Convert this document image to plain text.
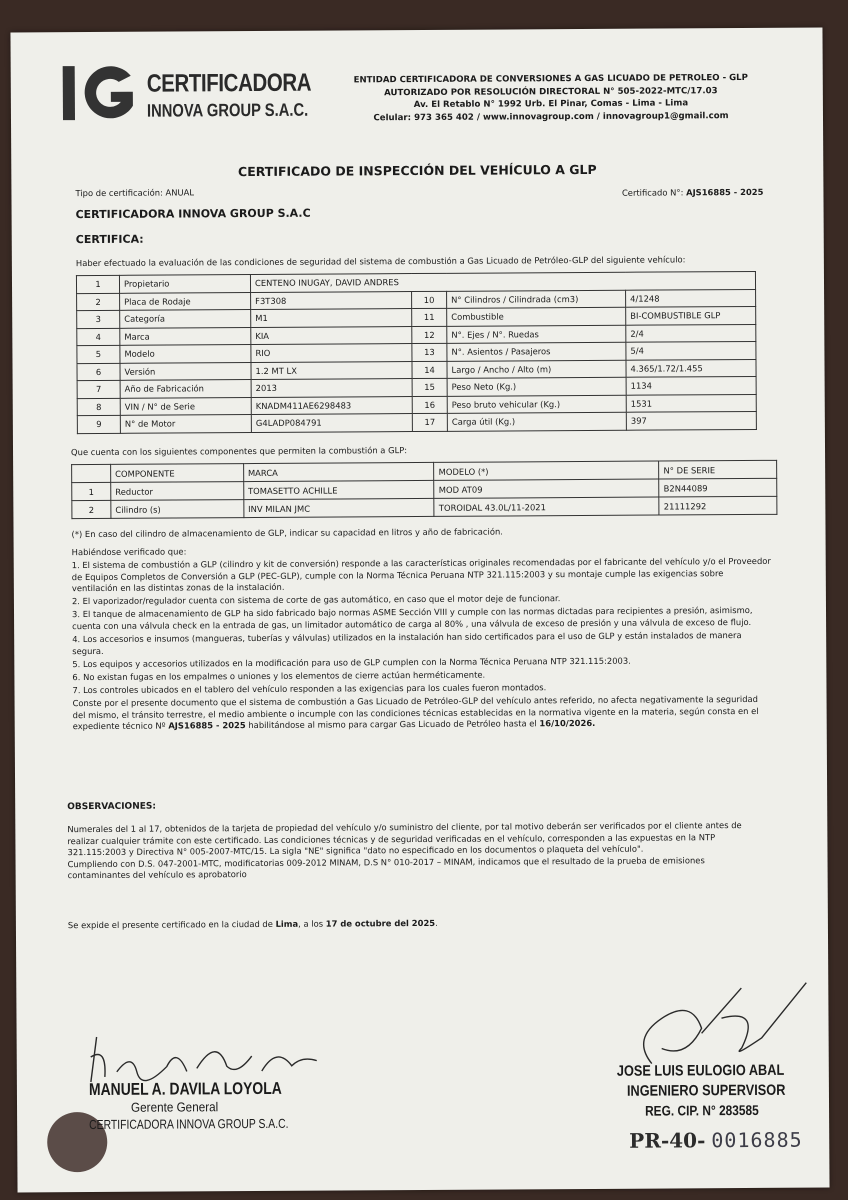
CERTIFICADORA
INNOVA GROUP S.A.C.
ENTIDAD CERTIFICADORA DE CONVERSIONES A GAS LICUADO DE PETROLEO - GLP
AUTORIZADO POR RESOLUCIÓN DIRECTORAL N° 505-2022-MTC/17.03
Av. El Retablo N° 1992 Urb. El Pinar, Comas - Lima - Lima
Celular: 973 365 402 / www.innovagroup.com / innovagroup1@gmail.com
CERTIFICADO DE INSPECCIÓN DEL VEHÍCULO A GLP
Tipo de certificación: ANUAL	Certificado N°: AJS16885 - 2025
CERTIFICADORA INNOVA GROUP S.A.C
CERTIFICA:
Haber efectuado la evaluación de las condiciones de seguridad del sistema de combustión a Gas Licuado de Petróleo-GLP del siguiente vehículo:
1	Propietario	CENTENO INUGAY, DAVID ANDRES			
2	Placa de Rodaje	F3T308	10	N° Cilindros / Cilindrada (cm3)	4/1248
3	Categoría	M1	11	Combustible	BI-COMBUSTIBLE GLP
4	Marca	KIA	12	N°. Ejes / N°. Ruedas	2/4
5	Modelo	RIO	13	N°. Asientos / Pasajeros	5/4
6	Versión	1.2 MT LX	14	Largo / Ancho / Alto (m)	4.365/1.72/1.455
7	Año de Fabricación	2013	15	Peso Neto (Kg.)	1134
8	VIN / N° de Serie	KNADM411AE6298483	16	Peso bruto vehicular (Kg.)	1531
9	N° de Motor	G4LADP084791	17	Carga útil (Kg.)	397
Que cuenta con los siguientes componentes que permiten la combustión a GLP:
	COMPONENTE	MARCA	MODELO (*)	N° DE SERIE
1	Reductor	TOMASETTO ACHILLE	MOD AT09	B2N44089
2	Cilindro (s)	INV MILAN JMC	TOROIDAL 43.0L/11-2021	21111292
(*) En caso del cilindro de almacenamiento de GLP, indicar su capacidad en litros y año de fabricación.

Habiéndose verificado que:

1. El sistema de combustión a GLP (cilindro y kit de conversión) responde a las características originales recomendadas por el fabricante del vehículo y/o el Proveedor de Equipos Completos de Conversión a GLP (PEC-GLP), cumple con la Norma Técnica Peruana NTP 321.115:2003 y su montaje cumple las exigencias sobre ventilación en las distintas zonas de la instalación.

2. El vaporizador/regulador cuenta con sistema de corte de gas automático, en caso que el motor deje de funcionar.

3. El tanque de almacenamiento de GLP ha sido fabricado bajo normas ASME Sección VIII y cumple con las normas dictadas para recipientes a presión, asimismo, cuenta con una válvula check en la entrada de gas, un limitador automático de carga al 80% , una válvula de exceso de presión y una válvula de exceso de flujo.

4. Los accesorios e insumos (mangueras, tuberías y válvulas) utilizados en la instalación han sido certificados para el uso de GLP y están instalados de manera segura.

5. Los equipos y accesorios utilizados en la modificación para uso de GLP cumplen con la Norma Técnica Peruana NTP 321.115:2003.

6. No existan fugas en los empalmes o uniones y los elementos de cierre actúan herméticamente.

7. Los controles ubicados en el tablero del vehículo responden a las exigencias para los cuales fueron montados.

Conste por el presente documento que el sistema de combustión a Gas Licuado de Petróleo-GLP del vehículo antes referido, no afecta negativamente la seguridad del mismo, el tránsito terrestre, el medio ambiente o incumple con las condiciones técnicas establecidas en la normativa vigente en la materia, según consta en el expediente técnico Nº AJS16885 - 2025 habilitándose al mismo para cargar Gas Licuado de Petróleo hasta el 16/10/2026.

OBSERVACIONES:

Numerales del 1 al 17, obtenidos de la tarjeta de propiedad del vehículo y/o suministro del cliente, por tal motivo deberán ser verificados por el cliente antes de realizar cualquier trámite con este certificado. Las condiciones técnicas y de seguridad verificadas en el vehículo, corresponden a las expuestas en la NTP 321.115:2003 y Directiva N° 005-2007-MTC/15. La sigla "NE" significa "dato no especificado en los documentos o plaqueta del vehículo".

Cumpliendo con D.S. 047-2001-MTC, modificatorias 009-2012 MINAM, D.S N° 010-2017 – MINAM, indicamos que el resultado de la prueba de emisiones contaminantes del vehículo es aprobatorio

Se expide el presente certificado en la ciudad de Lima, a los 17 de octubre del 2025.
MANUEL A. DAVILA LOYOLA
Gerente General
CERTIFICADORA INNOVA GROUP S.A.C.
JOSE LUIS EULOGIO ABAL
INGENIERO SUPERVISOR
REG. CIP. N° 283585
PR-40- 0016885
